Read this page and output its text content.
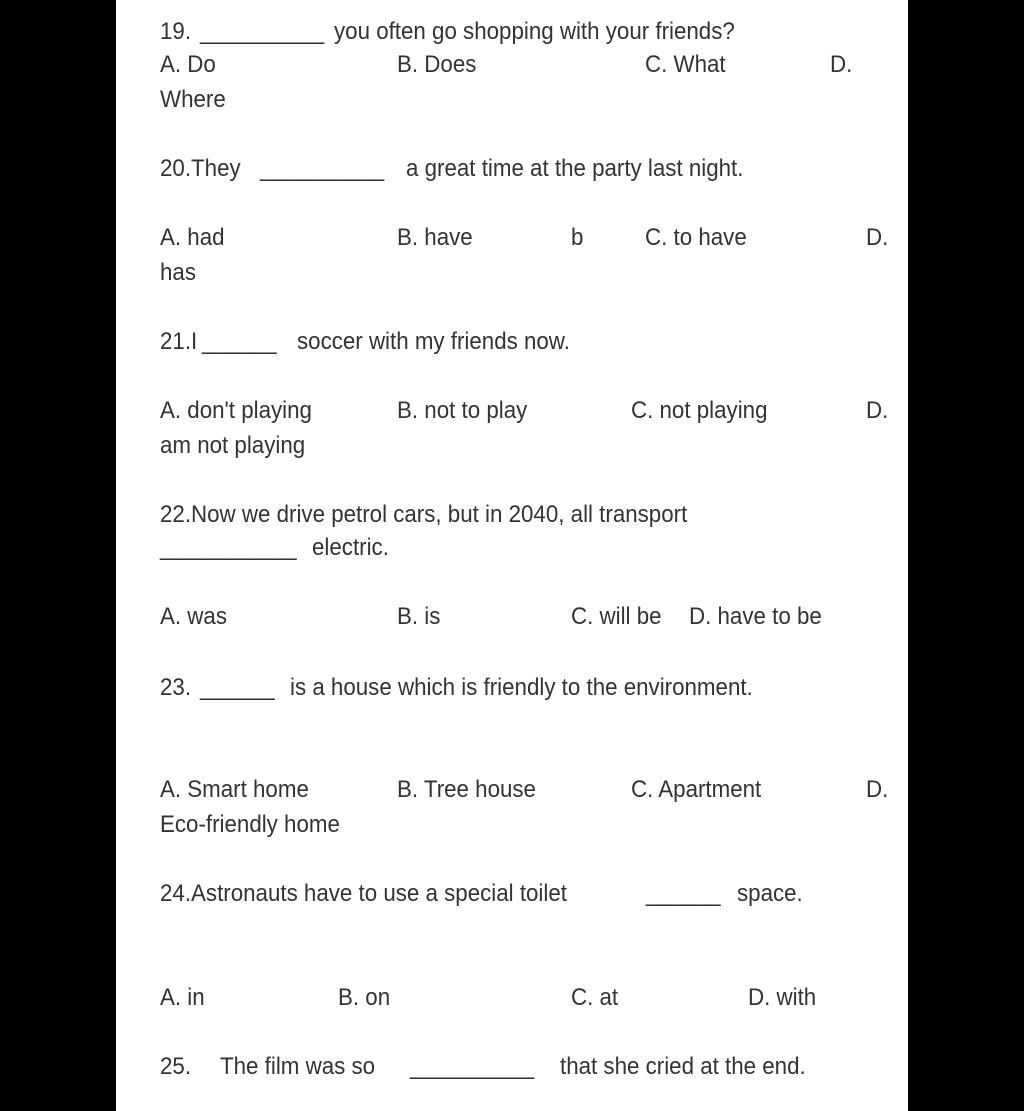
19. __________ you often go shopping with your friends?
A. Do	B. Does	C. What	D.
Where
20.They __________ a great time at the party last night.
A. had	B. have	b	C. to have	D.
has
21.I ______ soccer with my friends now.
A. don't playing	B. not to play	C. not playing	D.
am not playing
22.Now we drive petrol cars, but in 2040, all transport
___________ electric.
A. was	B. is	C. will be D. have to be
23. ______ is a house which is friendly to the environment.
A. Smart home	B. Tree house	C. Apartment	D.
Eco-friendly home
24.Astronauts have to use a special toilet	______ space.
A. in	B. on	C. at	D. with
25. The film was so __________ that she cried at the end.
